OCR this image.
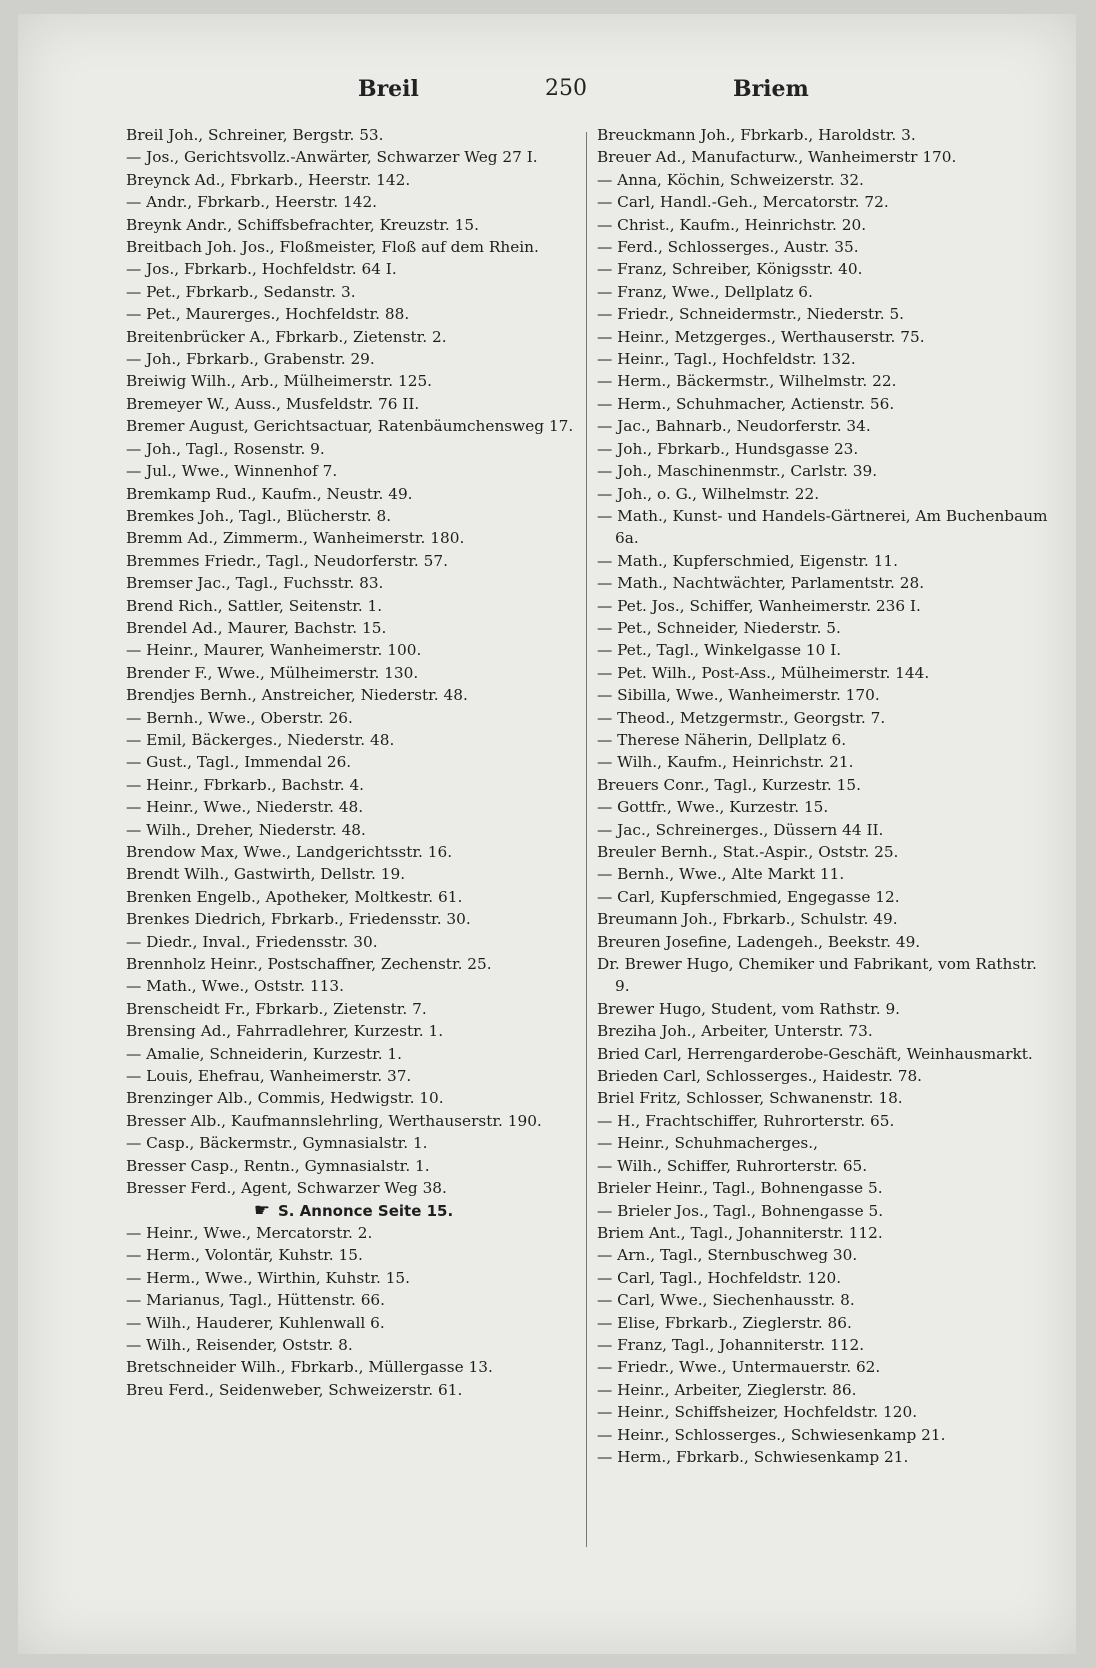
Breil	250	Briem
Breil Joh., Schreiner, Bergstr. 53.
— Jos., Gerichtsvollz.-Anwärter, Schwarzer Weg 27 I.
Breynck Ad., Fbrkarb., Heerstr. 142.
— Andr., Fbrkarb., Heerstr. 142.
Breynk Andr., Schiffsbefrachter, Kreuzstr. 15.
Breitbach Joh. Jos., Floßmeister, Floß auf dem Rhein.
— Jos., Fbrkarb., Hochfeldstr. 64 I.
— Pet., Fbrkarb., Sedanstr. 3.
— Pet., Maurerges., Hochfeldstr. 88.
Breitenbrücker A., Fbrkarb., Zietenstr. 2.
— Joh., Fbrkarb., Grabenstr. 29.
Breiwig Wilh., Arb., Mülheimerstr. 125.
Bremeyer W., Auss., Musfeldstr. 76 II.
Bremer August, Gerichtsactuar, Ratenbäumchensweg 17.
— Joh., Tagl., Rosenstr. 9.
— Jul., Wwe., Winnenhof 7.
Bremkamp Rud., Kaufm., Neustr. 49.
Bremkes Joh., Tagl., Blücherstr. 8.
Bremm Ad., Zimmerm., Wanheimerstr. 180.
Bremmes Friedr., Tagl., Neudorferstr. 57.
Bremser Jac., Tagl., Fuchsstr. 83.
Brend Rich., Sattler, Seitenstr. 1.
Brendel Ad., Maurer, Bachstr. 15.
— Heinr., Maurer, Wanheimerstr. 100.
Brender F., Wwe., Mülheimerstr. 130.
Brendjes Bernh., Anstreicher, Niederstr. 48.
— Bernh., Wwe., Oberstr. 26.
— Emil, Bäckerges., Niederstr. 48.
— Gust., Tagl., Immendal 26.
— Heinr., Fbrkarb., Bachstr. 4.
— Heinr., Wwe., Niederstr. 48.
— Wilh., Dreher, Niederstr. 48.
Brendow Max, Wwe., Landgerichtsstr. 16.
Brendt Wilh., Gastwirth, Dellstr. 19.
Brenken Engelb., Apotheker, Moltkestr. 61.
Brenkes Diedrich, Fbrkarb., Friedensstr. 30.
— Diedr., Inval., Friedensstr. 30.
Brennholz Heinr., Postschaffner, Zechenstr. 25.
— Math., Wwe., Oststr. 113.
Brenscheidt Fr., Fbrkarb., Zietenstr. 7.
Brensing Ad., Fahrradlehrer, Kurzestr. 1.
— Amalie, Schneiderin, Kurzestr. 1.
— Louis, Ehefrau, Wanheimerstr. 37.
Brenzinger Alb., Commis, Hedwigstr. 10.
Bresser Alb., Kaufmannslehrling, Werthauserstr. 190.
— Casp., Bäckermstr., Gymnasialstr. 1.
Bresser Casp., Rentn., Gymnasialstr. 1.
Bresser Ferd., Agent, Schwarzer Weg 38.
☛ S. Annonce Seite 15.
— Heinr., Wwe., Mercatorstr. 2.
— Herm., Volontär, Kuhstr. 15.
— Herm., Wwe., Wirthin, Kuhstr. 15.
— Marianus, Tagl., Hüttenstr. 66.
— Wilh., Hauderer, Kuhlenwall 6.
— Wilh., Reisender, Oststr. 8.
Bretschneider Wilh., Fbrkarb., Müllergasse 13.
Breu Ferd., Seidenweber, Schweizerstr. 61.
Breuckmann Joh., Fbrkarb., Haroldstr. 3.
Breuer Ad., Manufacturw., Wanheimerstr 170.
— Anna, Köchin, Schweizerstr. 32.
— Carl, Handl.-Geh., Mercatorstr. 72.
— Christ., Kaufm., Heinrichstr. 20.
— Ferd., Schlosserges., Austr. 35.
— Franz, Schreiber, Königsstr. 40.
— Franz, Wwe., Dellplatz 6.
— Friedr., Schneidermstr., Niederstr. 5.
— Heinr., Metzgerges., Werthauserstr. 75.
— Heinr., Tagl., Hochfeldstr. 132.
— Herm., Bäckermstr., Wilhelmstr. 22.
— Herm., Schuhmacher, Actienstr. 56.
— Jac., Bahnarb., Neudorferstr. 34.
— Joh., Fbrkarb., Hundsgasse 23.
— Joh., Maschinenmstr., Carlstr. 39.
— Joh., o. G., Wilhelmstr. 22.
— Math., Kunst- und Handels-Gärtnerei, Am Buchenbaum 6a.
— Math., Kupferschmied, Eigenstr. 11.
— Math., Nachtwächter, Parlamentstr. 28.
— Pet. Jos., Schiffer, Wanheimerstr. 236 I.
— Pet., Schneider, Niederstr. 5.
— Pet., Tagl., Winkelgasse 10 I.
— Pet. Wilh., Post-Ass., Mülheimerstr. 144.
— Sibilla, Wwe., Wanheimerstr. 170.
— Theod., Metzgermstr., Georgstr. 7.
— Therese Näherin, Dellplatz 6.
— Wilh., Kaufm., Heinrichstr. 21.
Breuers Conr., Tagl., Kurzestr. 15.
— Gottfr., Wwe., Kurzestr. 15.
— Jac., Schreinerges., Düssern 44 II.
Breuler Bernh., Stat.-Aspir., Oststr. 25.
— Bernh., Wwe., Alte Markt 11.
— Carl, Kupferschmied, Engegasse 12.
Breumann Joh., Fbrkarb., Schulstr. 49.
Breuren Josefine, Ladengeh., Beekstr. 49.
Dr. Brewer Hugo, Chemiker und Fabrikant, vom Rathstr. 9.
Brewer Hugo, Student, vom Rathstr. 9.
Breziha Joh., Arbeiter, Unterstr. 73.
Bried Carl, Herrengarderobe-Geschäft, Weinhausmarkt.
Brieden Carl, Schlosserges., Haidestr. 78.
Briel Fritz, Schlosser, Schwanenstr. 18.
— H., Frachtschiffer, Ruhrorterstr. 65.
— Heinr., Schuhmacherges.,
— Wilh., Schiffer, Ruhrorterstr. 65.
Brieler Heinr., Tagl., Bohnengasse 5.
— Brieler Jos., Tagl., Bohnengasse 5.
Briem Ant., Tagl., Johanniterstr. 112.
— Arn., Tagl., Sternbuschweg 30.
— Carl, Tagl., Hochfeldstr. 120.
— Carl, Wwe., Siechenhausstr. 8.
— Elise, Fbrkarb., Zieglerstr. 86.
— Franz, Tagl., Johanniterstr. 112.
— Friedr., Wwe., Untermauerstr. 62.
— Heinr., Arbeiter, Zieglerstr. 86.
— Heinr., Schiffsheizer, Hochfeldstr. 120.
— Heinr., Schlosserges., Schwiesenkamp 21.
— Herm., Fbrkarb., Schwiesenkamp 21.
